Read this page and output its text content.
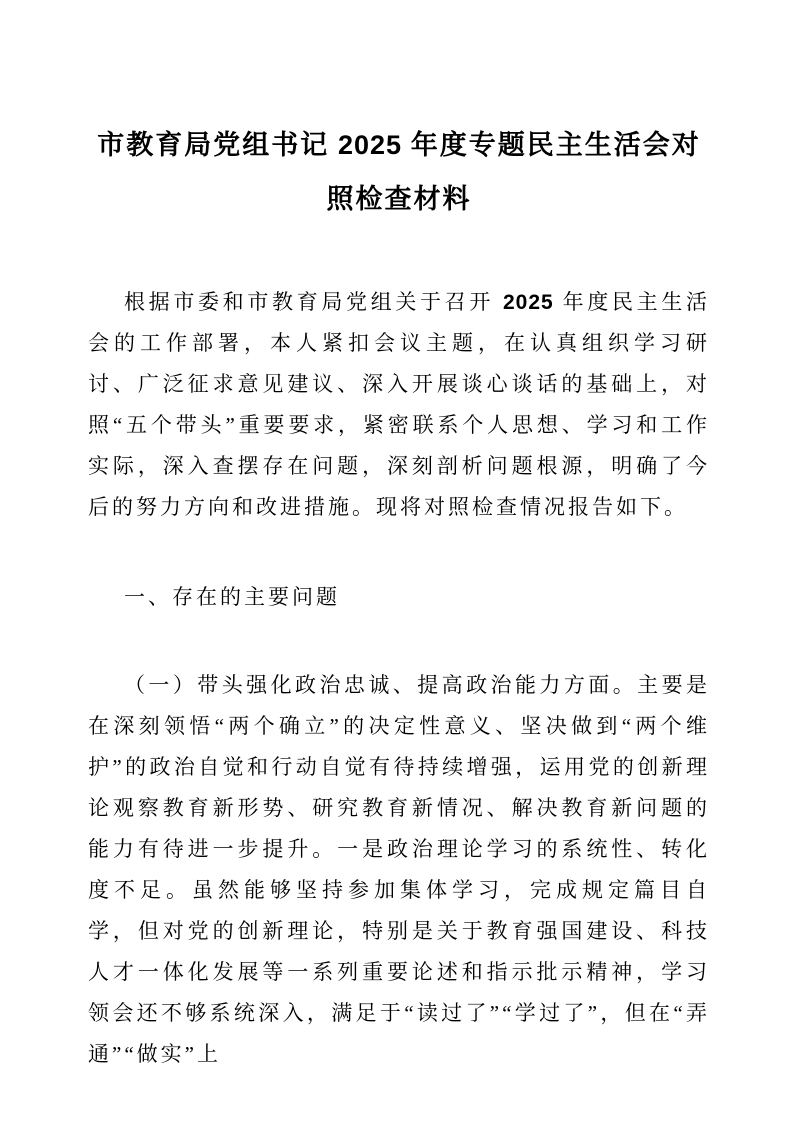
市教育局党组书记 2025 年度专题民主生活会对照检查材料

根据市委和市教育局党组关于召开 2025 年度民主生活会的工作部署，本人紧扣会议主题，在认真组织学习研讨、广泛征求意见建议、深入开展谈心谈话的基础上，对照“五个带头”重要要求，紧密联系个人思想、学习和工作实际，深入查摆存在问题，深刻剖析问题根源，明确了今后的努力方向和改进措施。现将对照检查情况报告如下。

一、存在的主要问题

（一）带头强化政治忠诚、提高政治能力方面。主要是在深刻领悟“两个确立”的决定性意义、坚决做到“两个维护”的政治自觉和行动自觉有待持续增强，运用党的创新理论观察教育新形势、研究教育新情况、解决教育新问题的能力有待进一步提升。一是政治理论学习的系统性、转化度不足。虽然能够坚持参加集体学习，完成规定篇目自学，但对党的创新理论，特别是关于教育强国建设、科技人才一体化发展等一系列重要论述和指示批示精神，学习领会还不够系统深入，满足于“读过了”“学过了”，但在“弄通”“做实”上
